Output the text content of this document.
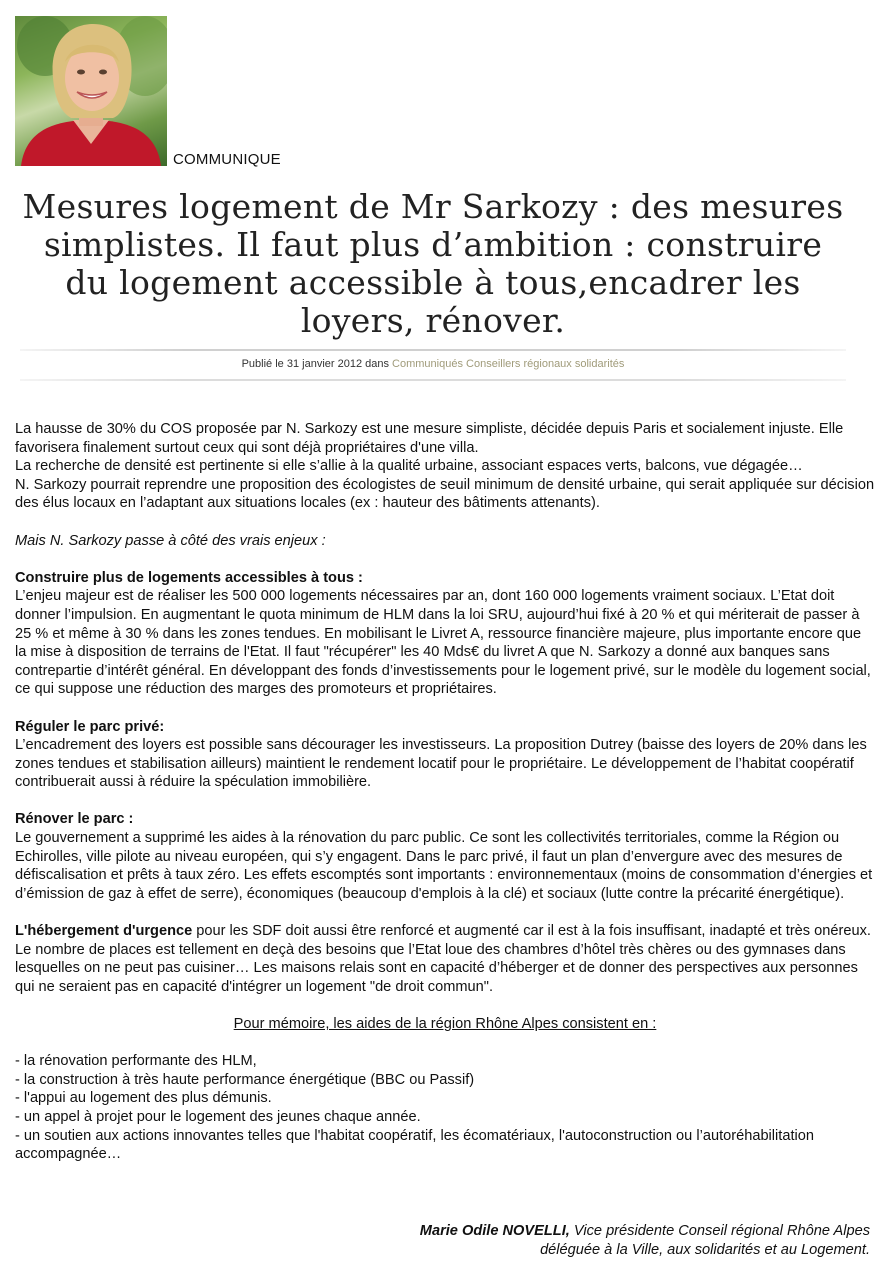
COMMUNIQUE
Mesures logement de Mr Sarkozy : des mesures simplistes. Il faut plus d’ambition : construire du logement accessible à tous,encadrer les loyers, rénover.
Publié le 31 janvier 2012 dans Communiqués Conseillers régionaux solidarités

La hausse de 30% du COS proposée par N. Sarkozy est une mesure simpliste, décidée depuis Paris et socialement injuste. Elle favorisera finalement surtout ceux qui sont déjà propriétaires d'une villa.

La recherche de densité est pertinente si elle s’allie à la qualité urbaine, associant espaces verts, balcons, vue dégagée…

N. Sarkozy pourrait reprendre une proposition des écologistes de seuil minimum de densité urbaine, qui serait appliquée sur décision des élus locaux en l’adaptant aux situations locales (ex : hauteur des bâtiments attenants).

Mais N. Sarkozy passe à côté des vrais enjeux :

Construire plus de logements accessibles à tous :

L’enjeu majeur est de réaliser les 500 000 logements nécessaires par an, dont 160 000 logements vraiment sociaux. L’Etat doit donner l’impulsion. En augmentant le quota minimum de HLM dans la loi SRU, aujourd’hui fixé à 20 % et qui mériterait de passer à 25 % et même à 30 % dans les zones tendues. En mobilisant le Livret A, ressource financière majeure, plus importante encore que la mise à disposition de terrains de l'Etat. Il faut "récupérer" les 40 Mds€ du livret A que N. Sarkozy a donné aux banques sans contrepartie d’intérêt général. En développant des fonds d’investissements pour le logement privé, sur le modèle du logement social, ce qui suppose une réduction des marges des promoteurs et propriétaires.

Réguler le parc privé:

L’encadrement des loyers est possible sans décourager les investisseurs. La proposition Dutrey (baisse des loyers de 20% dans les zones tendues et stabilisation ailleurs) maintient le rendement locatif pour le propriétaire. Le développement de l’habitat coopératif contribuerait aussi à réduire la spéculation immobilière.

Rénover le parc :

Le gouvernement a supprimé les aides à la rénovation du parc public. Ce sont les collectivités territoriales, comme la Région ou Echirolles, ville pilote au niveau européen, qui s’y engagent. Dans le parc privé, il faut un plan d’envergure avec des mesures de défiscalisation et prêts à taux zéro. Les effets escomptés sont importants : environnementaux (moins de consommation d’énergies et d’émission de gaz à effet de serre), économiques (beaucoup d'emplois à la clé) et sociaux (lutte contre la précarité énergétique).

L'hébergement d'urgence pour les SDF doit aussi être renforcé et augmenté car il est à la fois insuffisant, inadapté et très onéreux. Le nombre de places est tellement en deçà des besoins que l’Etat loue des chambres d’hôtel très chères ou des gymnases dans lesquelles on ne peut pas cuisiner… Les maisons relais sont en capacité d’héberger et de donner des perspectives aux personnes qui ne seraient pas en capacité d'intégrer un logement "de droit commun".

Pour mémoire, les aides de la région Rhône Alpes consistent en :

- la rénovation performante des HLM,

- la construction à très haute performance énergétique (BBC ou Passif)

- l'appui au logement des plus démunis.

- un appel à projet pour le logement des jeunes chaque année.

- un soutien aux actions innovantes telles que l'habitat coopératif, les écomatériaux, l'autoconstruction ou l’autoréhabilitation accompagnée…

Marie Odile NOVELLI, Vice présidente Conseil régional Rhône Alpes
déléguée à la Ville, aux solidarités et au Logement.
